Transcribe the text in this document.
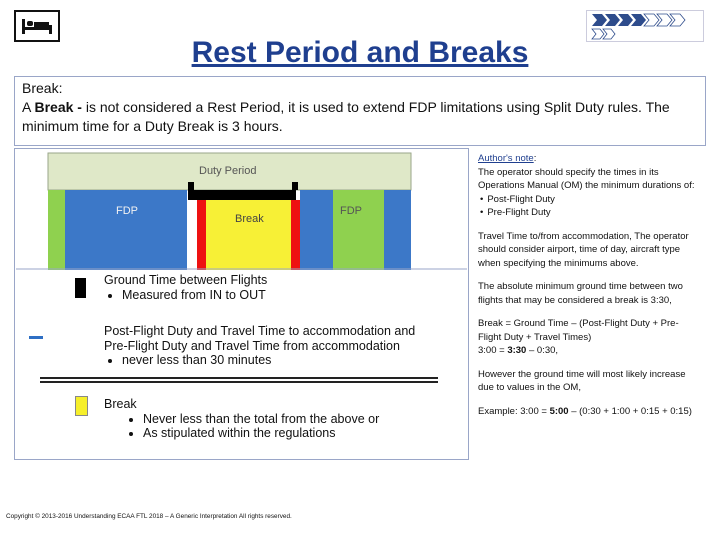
Rest Period and Breaks
Break:
A Break - is not considered a Rest Period, it is used to extend FDP limitations using Split Duty rules. The minimum time for a Duty Break is 3 hours.
Duty Period
FDP
Break
FDP
Ground Time between Flights
• Measured from IN to OUT
Post-Flight Duty and Travel Time to accommodation and
Pre-Flight Duty and Travel Time from accommodation
• never less than 30 minutes
Break
• Never less than the total from the above or
• As stipulated within the regulations

Author's note:

The operator should specify the times in its Operations Manual (OM) the minimum durations of:

• Post-Flight Duty
• Pre-Flight Duty

Travel Time to/from accommodation, The operator should consider airport, time of day, aircraft type when specifying the minimums above.

The absolute minimum ground time between two flights that may be considered a break is 3:30,

Break = Ground Time – (Post-Flight Duty + Pre-Flight Duty + Travel Times)
3:00 = 3:30 – 0:30,

However the ground time will most likely increase due to values in the OM,

Example: 3:00 = 5:00 – (0:30 + 1:00 + 0:15 + 0:15)

Copyright © 2013-2016 Understanding ECAA FTL 2018 – A Generic Interpretation All rights reserved.
